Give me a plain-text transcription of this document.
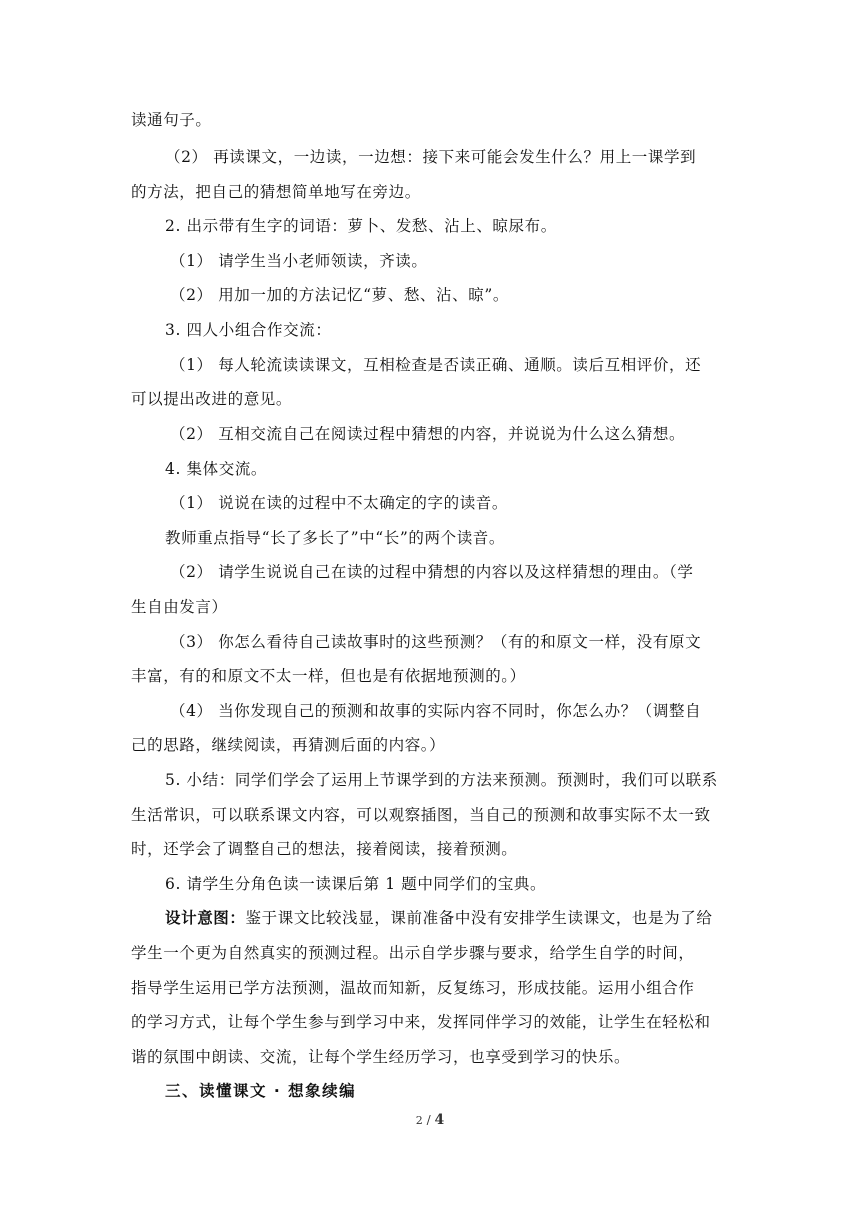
读通句子。
（2） 再读课文，一边读，一边想：接下来可能会发生什么？用上一课学到
的方法，把自己的猜想简单地写在旁边。
2. 出示带有生字的词语：萝卜、发愁、沾上、晾尿布。
（1） 请学生当小老师领读，齐读。
（2） 用加一加的方法记忆“萝、愁、沾、晾”。
3. 四人小组合作交流：
（1） 每人轮流读读课文，互相检查是否读正确、通顺。读后互相评价，还
可以提出改进的意见。
（2） 互相交流自己在阅读过程中猜想的内容，并说说为什么这么猜想。
4. 集体交流。
（1） 说说在读的过程中不太确定的字的读音。
教师重点指导“长了多长了”中“长”的两个读音。
（2） 请学生说说自己在读的过程中猜想的内容以及这样猜想的理由。（学
生自由发言）
（3） 你怎么看待自己读故事时的这些预测？（有的和原文一样，没有原文
丰富，有的和原文不太一样，但也是有依据地预测的。）
（4） 当你发现自己的预测和故事的实际内容不同时，你怎么办？（调整自
己的思路，继续阅读，再猜测后面的内容。）
5. 小结：同学们学会了运用上节课学到的方法来预测。预测时，我们可以联系
生活常识，可以联系课文内容，可以观察插图，当自己的预测和故事实际不太一致
时，还学会了调整自己的想法，接着阅读，接着预测。
6. 请学生分角色读一读课后第 1 题中同学们的宝典。
设计意图：鉴于课文比较浅显，课前准备中没有安排学生读课文，也是为了给
学生一个更为自然真实的预测过程。出示自学步骤与要求，给学生自学的时间，
指导学生运用已学方法预测，温故而知新，反复练习，形成技能。运用小组合作
的学习方式，让每个学生参与到学习中来，发挥同伴学习的效能，让学生在轻松和
谐的氛围中朗读、交流，让每个学生经历学习，也享受到学习的快乐。
三、读懂课文 · 想象续编
2 / 4
